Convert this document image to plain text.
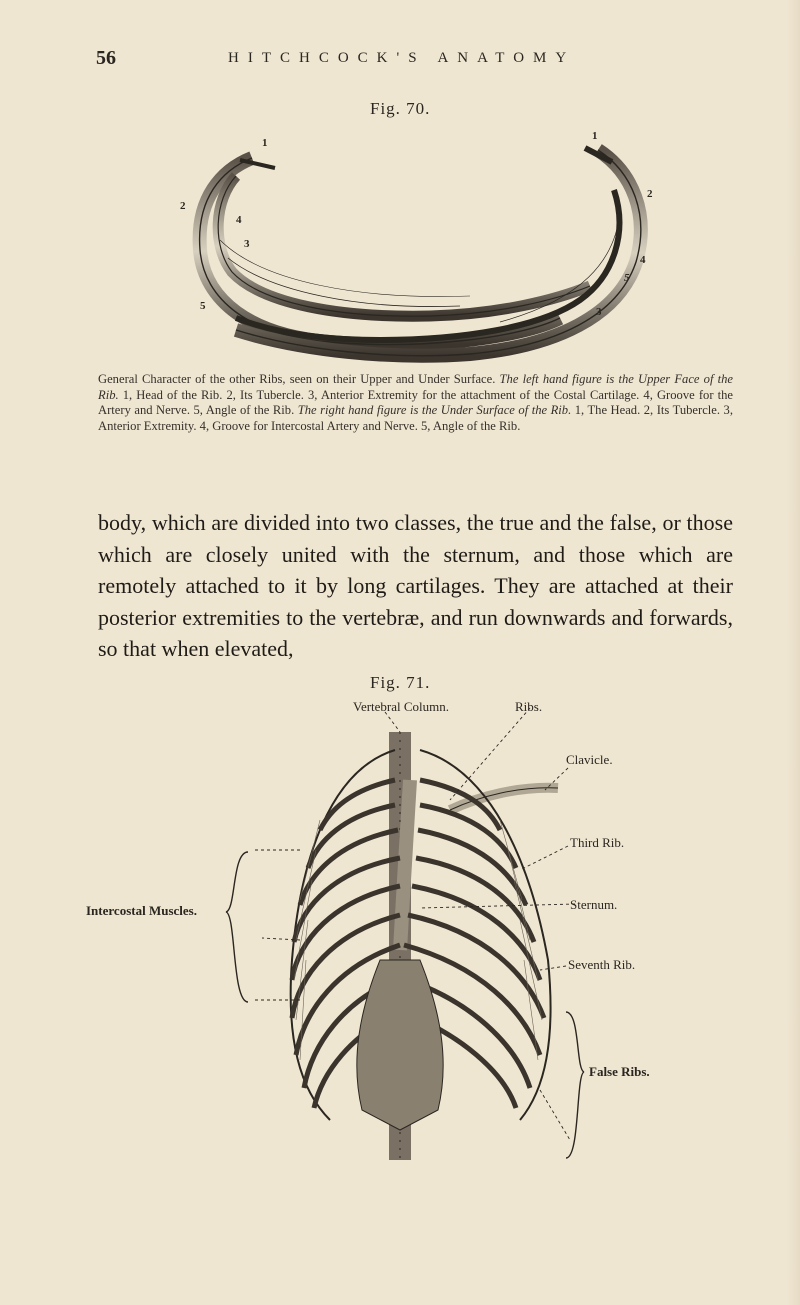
56	HITCHCOCK'S ANATOMY
Fig. 70.
1
2
3
4
5
1
2
3
4
5
General Character of the other Ribs, seen on their Upper and Under Surface. The left hand figure is the Upper Face of the Rib. 1, Head of the Rib. 2, Its Tubercle. 3, Anterior Extremity for the attachment of the Costal Cartilage. 4, Groove for the Artery and Nerve. 5, Angle of the Rib. The right hand figure is the Under Surface of the Rib. 1, The Head. 2, Its Tubercle. 3, Anterior Extremity. 4, Groove for Intercostal Artery and Nerve. 5, Angle of the Rib.
body, which are divided into two classes, the true and the false, or those which are closely united with the sternum, and those which are remotely attached to it by long cartilages. They are attached at their posterior extremities to the vertebræ, and run downwards and forwards, so that when elevated,
Fig. 71.
Vertebral Column.	Ribs.
Clavicle.
Third Rib.
Sternum.
Seventh Rib.
False Ribs.
Intercostal Muscles.
